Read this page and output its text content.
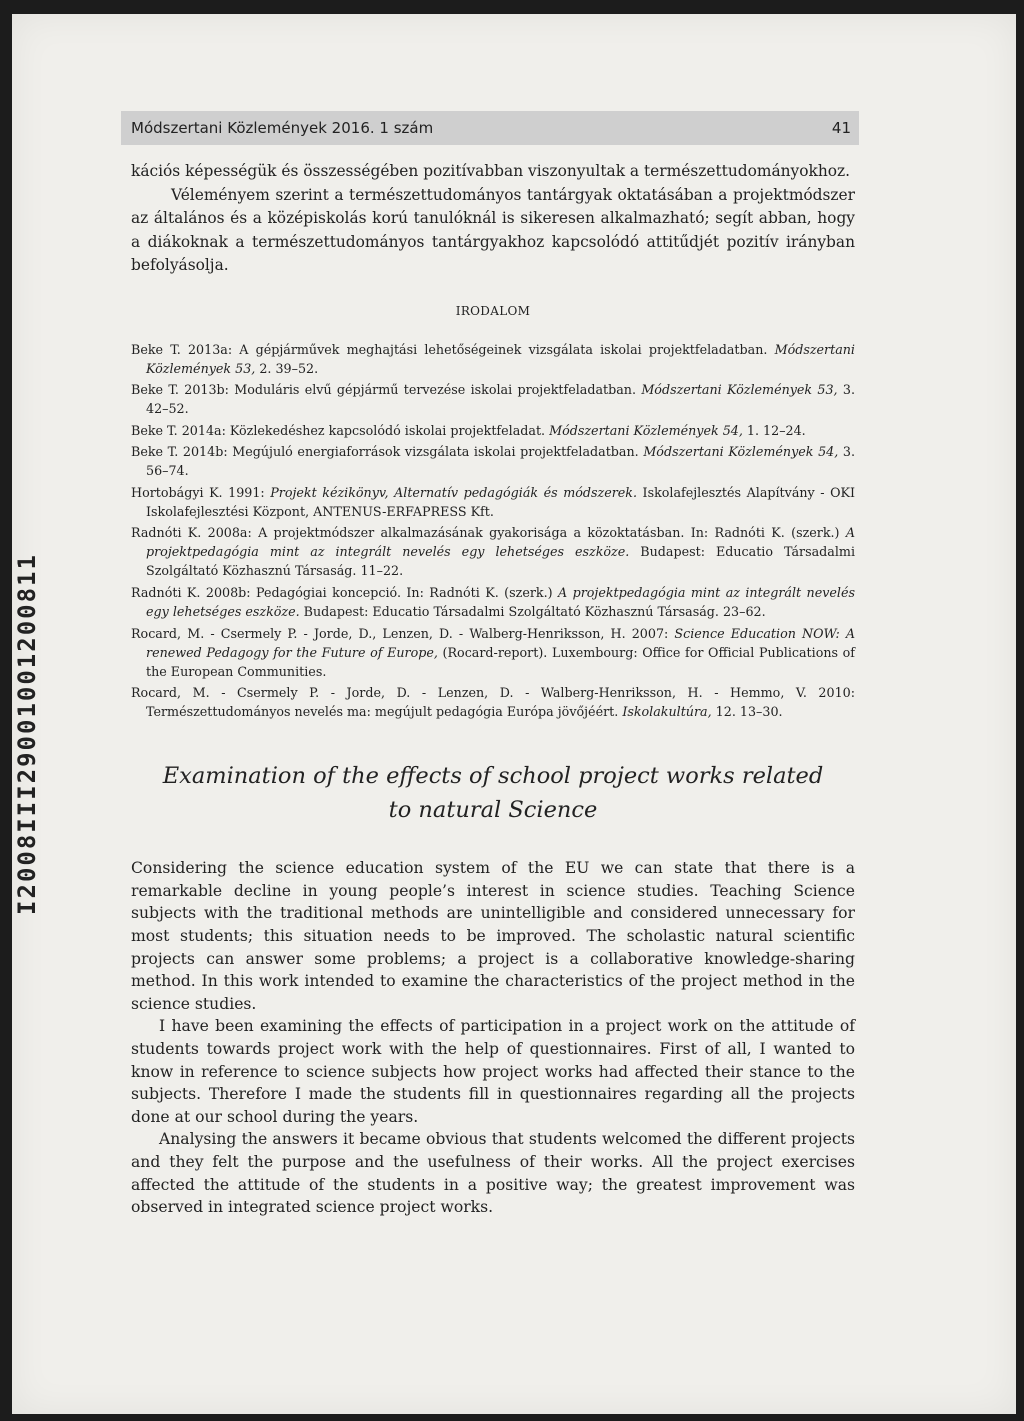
I2008III29001001200811
Módszertani Közlemények 2016. 1 szám	41

kációs képességük és összességében pozitívabban viszonyultak a természettudományokhoz.

Véleményem szerint a természettudományos tantárgyak oktatásában a projektmódszer az általános és a középiskolás korú tanulóknál is sikeresen alkalmazható; segít abban, hogy a diákoknak a természettudományos tantárgyakhoz kapcsolódó attitűdjét pozitív irányban befolyásolja.

IRODALOM

Beke T. 2013a: A gépjárművek meghajtási lehetőségeinek vizsgálata iskolai projektfeladatban. Módszertani Közlemények 53, 2. 39–52.

Beke T. 2013b: Moduláris elvű gépjármű tervezése iskolai projektfeladatban. Módszertani Közlemények 53, 3. 42–52.

Beke T. 2014a: Közlekedéshez kapcsolódó iskolai projektfeladat. Módszertani Közlemények 54, 1. 12–24.

Beke T. 2014b: Megújuló energiaforrások vizsgálata iskolai projektfeladatban. Módszertani Közlemények 54, 3. 56–74.

Hortobágyi K. 1991: Projekt kézikönyv, Alternatív pedagógiák és módszerek. Iskolafejlesztés Alapítvány - OKI Iskolafejlesztési Központ, ANTENUS-ERFAPRESS Kft.

Radnóti K. 2008a: A projektmódszer alkalmazásának gyakorisága a közoktatásban. In: Radnóti K. (szerk.) A projektpedagógia mint az integrált nevelés egy lehetséges eszköze. Budapest: Educatio Társadalmi Szolgáltató Közhasznú Társaság. 11–22.

Radnóti K. 2008b: Pedagógiai koncepció. In: Radnóti K. (szerk.) A projektpedagógia mint az integrált nevelés egy lehetséges eszköze. Budapest: Educatio Társadalmi Szolgáltató Közhasznú Társaság. 23–62.

Rocard, M. - Csermely P. - Jorde, D., Lenzen, D. - Walberg-Henriksson, H. 2007: Science Education NOW: A renewed Pedagogy for the Future of Europe, (Rocard-report). Luxembourg: Office for Official Publications of the European Communities.

Rocard, M. - Csermely P. - Jorde, D. - Lenzen, D. - Walberg-Henriksson, H. - Hemmo, V. 2010: Természettudományos nevelés ma: megújult pedagógia Európa jövőjéért. Iskolakultúra, 12. 13–30.

Examination of the effects of school project works related
to natural Science

Considering the science education system of the EU we can state that there is a remarkable decline in young people’s interest in science studies. Teaching Science subjects with the traditional methods are unintelligible and considered unnecessary for most students; this situation needs to be improved. The scholastic natural scientific projects can answer some problems; a project is a collaborative knowledge-sharing method. In this work intended to examine the characteristics of the project method in the science studies.

I have been examining the effects of participation in a project work on the attitude of students towards project work with the help of questionnaires. First of all, I wanted to know in reference to science subjects how project works had affected their stance to the subjects. Therefore I made the students fill in questionnaires regarding all the projects done at our school during the years.

Analysing the answers it became obvious that students welcomed the different projects and they felt the purpose and the usefulness of their works. All the project exercises affected the attitude of the students in a positive way; the greatest improvement was observed in integrated science project works.
